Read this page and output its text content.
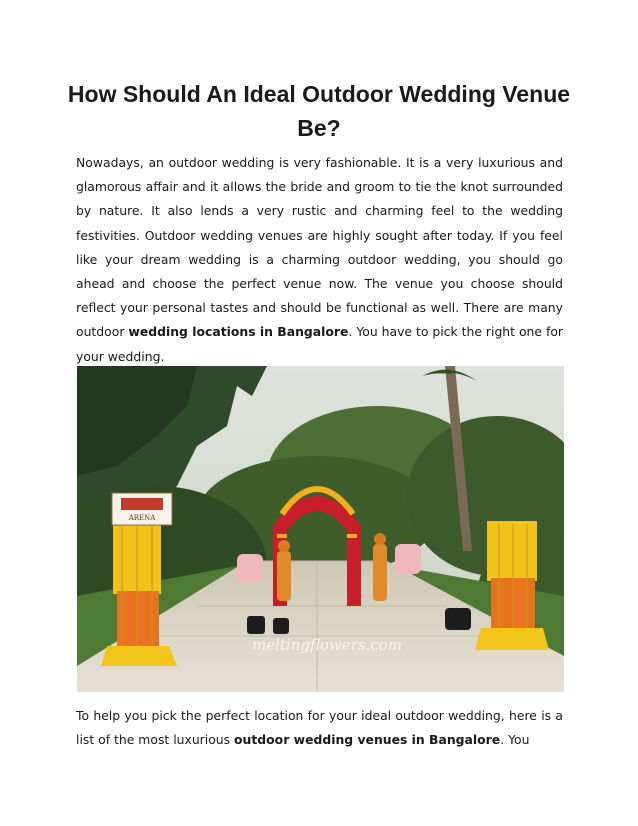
How Should An Ideal Outdoor Wedding Venue Be?
Nowadays, an outdoor wedding is very fashionable. It is a very luxurious and glamorous affair and it allows the bride and groom to tie the knot surrounded by nature. It also lends a very rustic and charming feel to the wedding festivities. Outdoor wedding venues are highly sought after today. If you feel like your dream wedding is a charming outdoor wedding, you should go ahead and choose the perfect venue now. The venue you choose should reflect your personal tastes and should be functional as well. There are many outdoor wedding locations in Bangalore. You have to pick the right one for your wedding.
ARENA
meltingflowers.com
To help you pick the perfect location for your ideal outdoor wedding, here is a list of the most luxurious outdoor wedding venues in Bangalore. You
